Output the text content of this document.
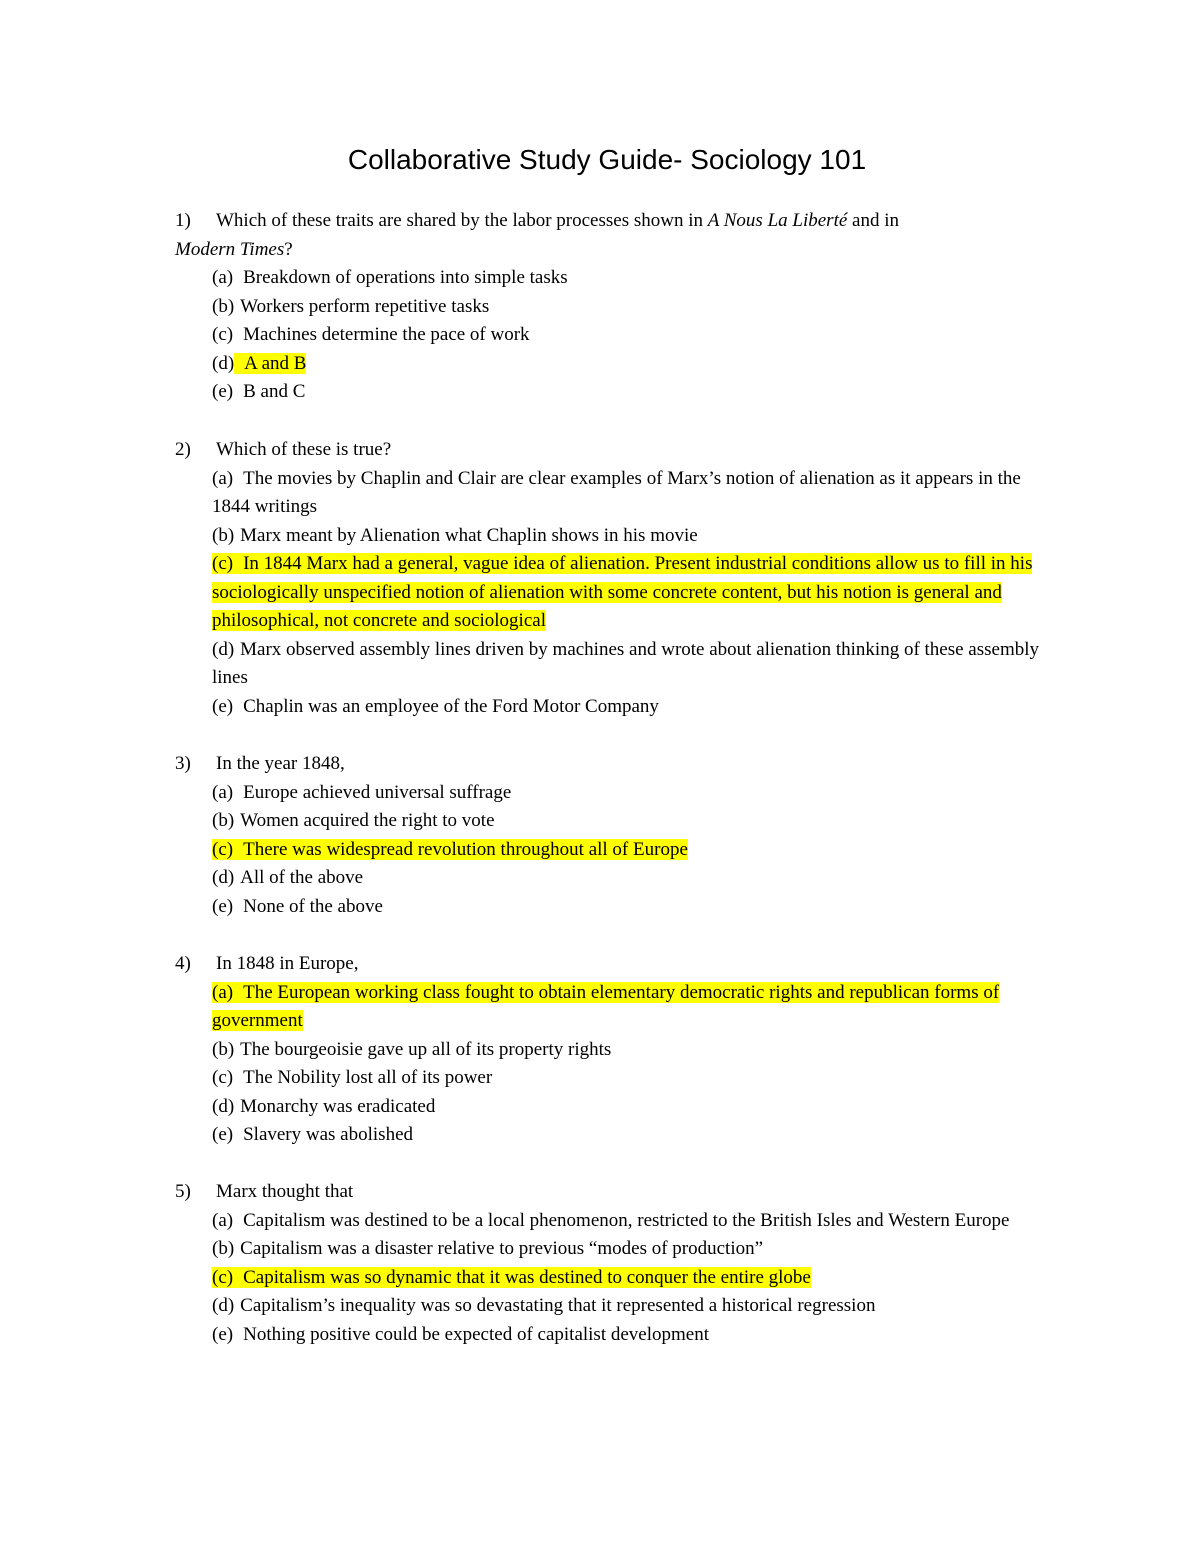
Collaborative Study Guide- Sociology 101
1) Which of these traits are shared by the labor processes shown in A Nous La Liberté and in
Modern Times?
(a) Breakdown of operations into simple tasks
(b) Workers perform repetitive tasks
(c) Machines determine the pace of work
(d) A and B
(e) B and C
2) Which of these is true?
(a) The movies by Chaplin and Clair are clear examples of Marx’s notion of alienation as it appears in the 1844 writings
(b) Marx meant by Alienation what Chaplin shows in his movie
(c) In 1844 Marx had a general, vague idea of alienation. Present industrial conditions allow us to fill in his sociologically unspecified notion of alienation with some concrete content, but his notion is general and philosophical, not concrete and sociological
(d) Marx observed assembly lines driven by machines and wrote about alienation thinking of these assembly lines
(e) Chaplin was an employee of the Ford Motor Company
3) In the year 1848,
(a) Europe achieved universal suffrage
(b) Women acquired the right to vote
(c) There was widespread revolution throughout all of Europe
(d) All of the above
(e) None of the above
4) In 1848 in Europe,
(a) The European working class fought to obtain elementary democratic rights and republican forms of government
(b) The bourgeoisie gave up all of its property rights
(c) The Nobility lost all of its power
(d) Monarchy was eradicated
(e) Slavery was abolished
5) Marx thought that
(a) Capitalism was destined to be a local phenomenon, restricted to the British Isles and Western Europe
(b) Capitalism was a disaster relative to previous “modes of production”
(c) Capitalism was so dynamic that it was destined to conquer the entire globe
(d) Capitalism’s inequality was so devastating that it represented a historical regression
(e) Nothing positive could be expected of capitalist development
